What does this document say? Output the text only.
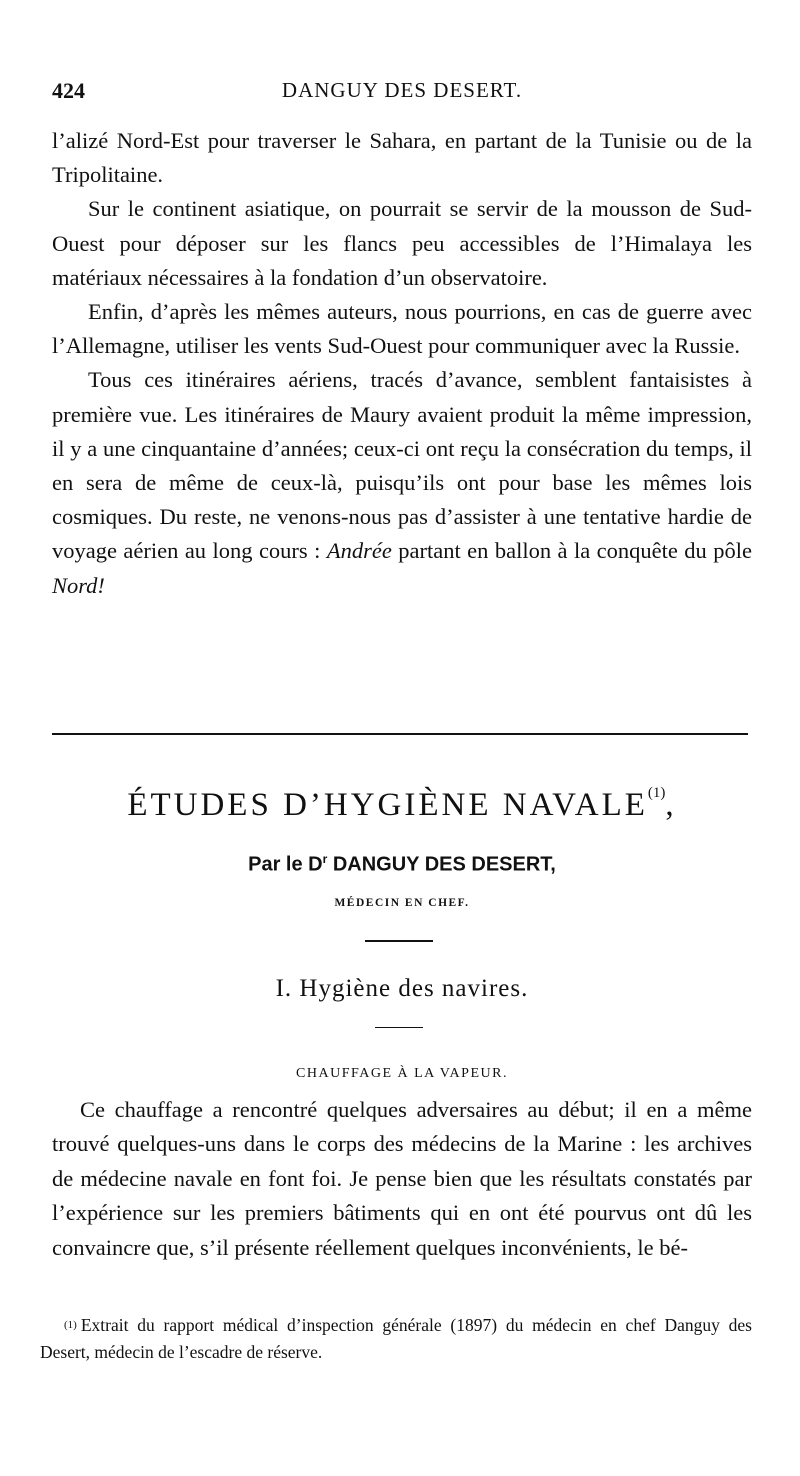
424	DANGUY DES DESERT.

l’alizé Nord-Est pour traverser le Sahara, en partant de la Tunisie ou de la Tripolitaine.

Sur le continent asiatique, on pourrait se servir de la mousson de Sud-Ouest pour déposer sur les flancs peu accessibles de l’Himalaya les matériaux nécessaires à la fondation d’un observatoire.

Enfin, d’après les mêmes auteurs, nous pourrions, en cas de guerre avec l’Allemagne, utiliser les vents Sud-Ouest pour communiquer avec la Russie.

Tous ces itinéraires aériens, tracés d’avance, semblent fantaisistes à première vue. Les itinéraires de Maury avaient produit la même impression, il y a une cinquantaine d’années; ceux-ci ont reçu la consécration du temps, il en sera de même de ceux-là, puisqu’ils ont pour base les mêmes lois cosmiques. Du reste, ne venons-nous pas d’assister à une tentative hardie de voyage aérien au long cours : Andrée partant en ballon à la conquête du pôle Nord!

ÉTUDES D’HYGIÈNE NAVALE$^{(1)}$,
Par le $D^r$ DANGUY DES DESERT,
MÉDECIN EN CHEF.
I. Hygiène des navires.
CHAUFFAGE À LA VAPEUR.

Ce chauffage a rencontré quelques adversaires au début; il en a même trouvé quelques-uns dans le corps des médecins de la Marine : les archives de médecine navale en font foi. Je pense bien que les résultats constatés par l’expérience sur les premiers bâtiments qui en ont été pourvus ont dû les convaincre que, s’il présente réellement quelques inconvénients, le bé-

$^{(1)}$ Extrait du rapport médical d’inspection générale (1897) du médecin en chef Danguy des Desert, médecin de l’escadre de réserve.
